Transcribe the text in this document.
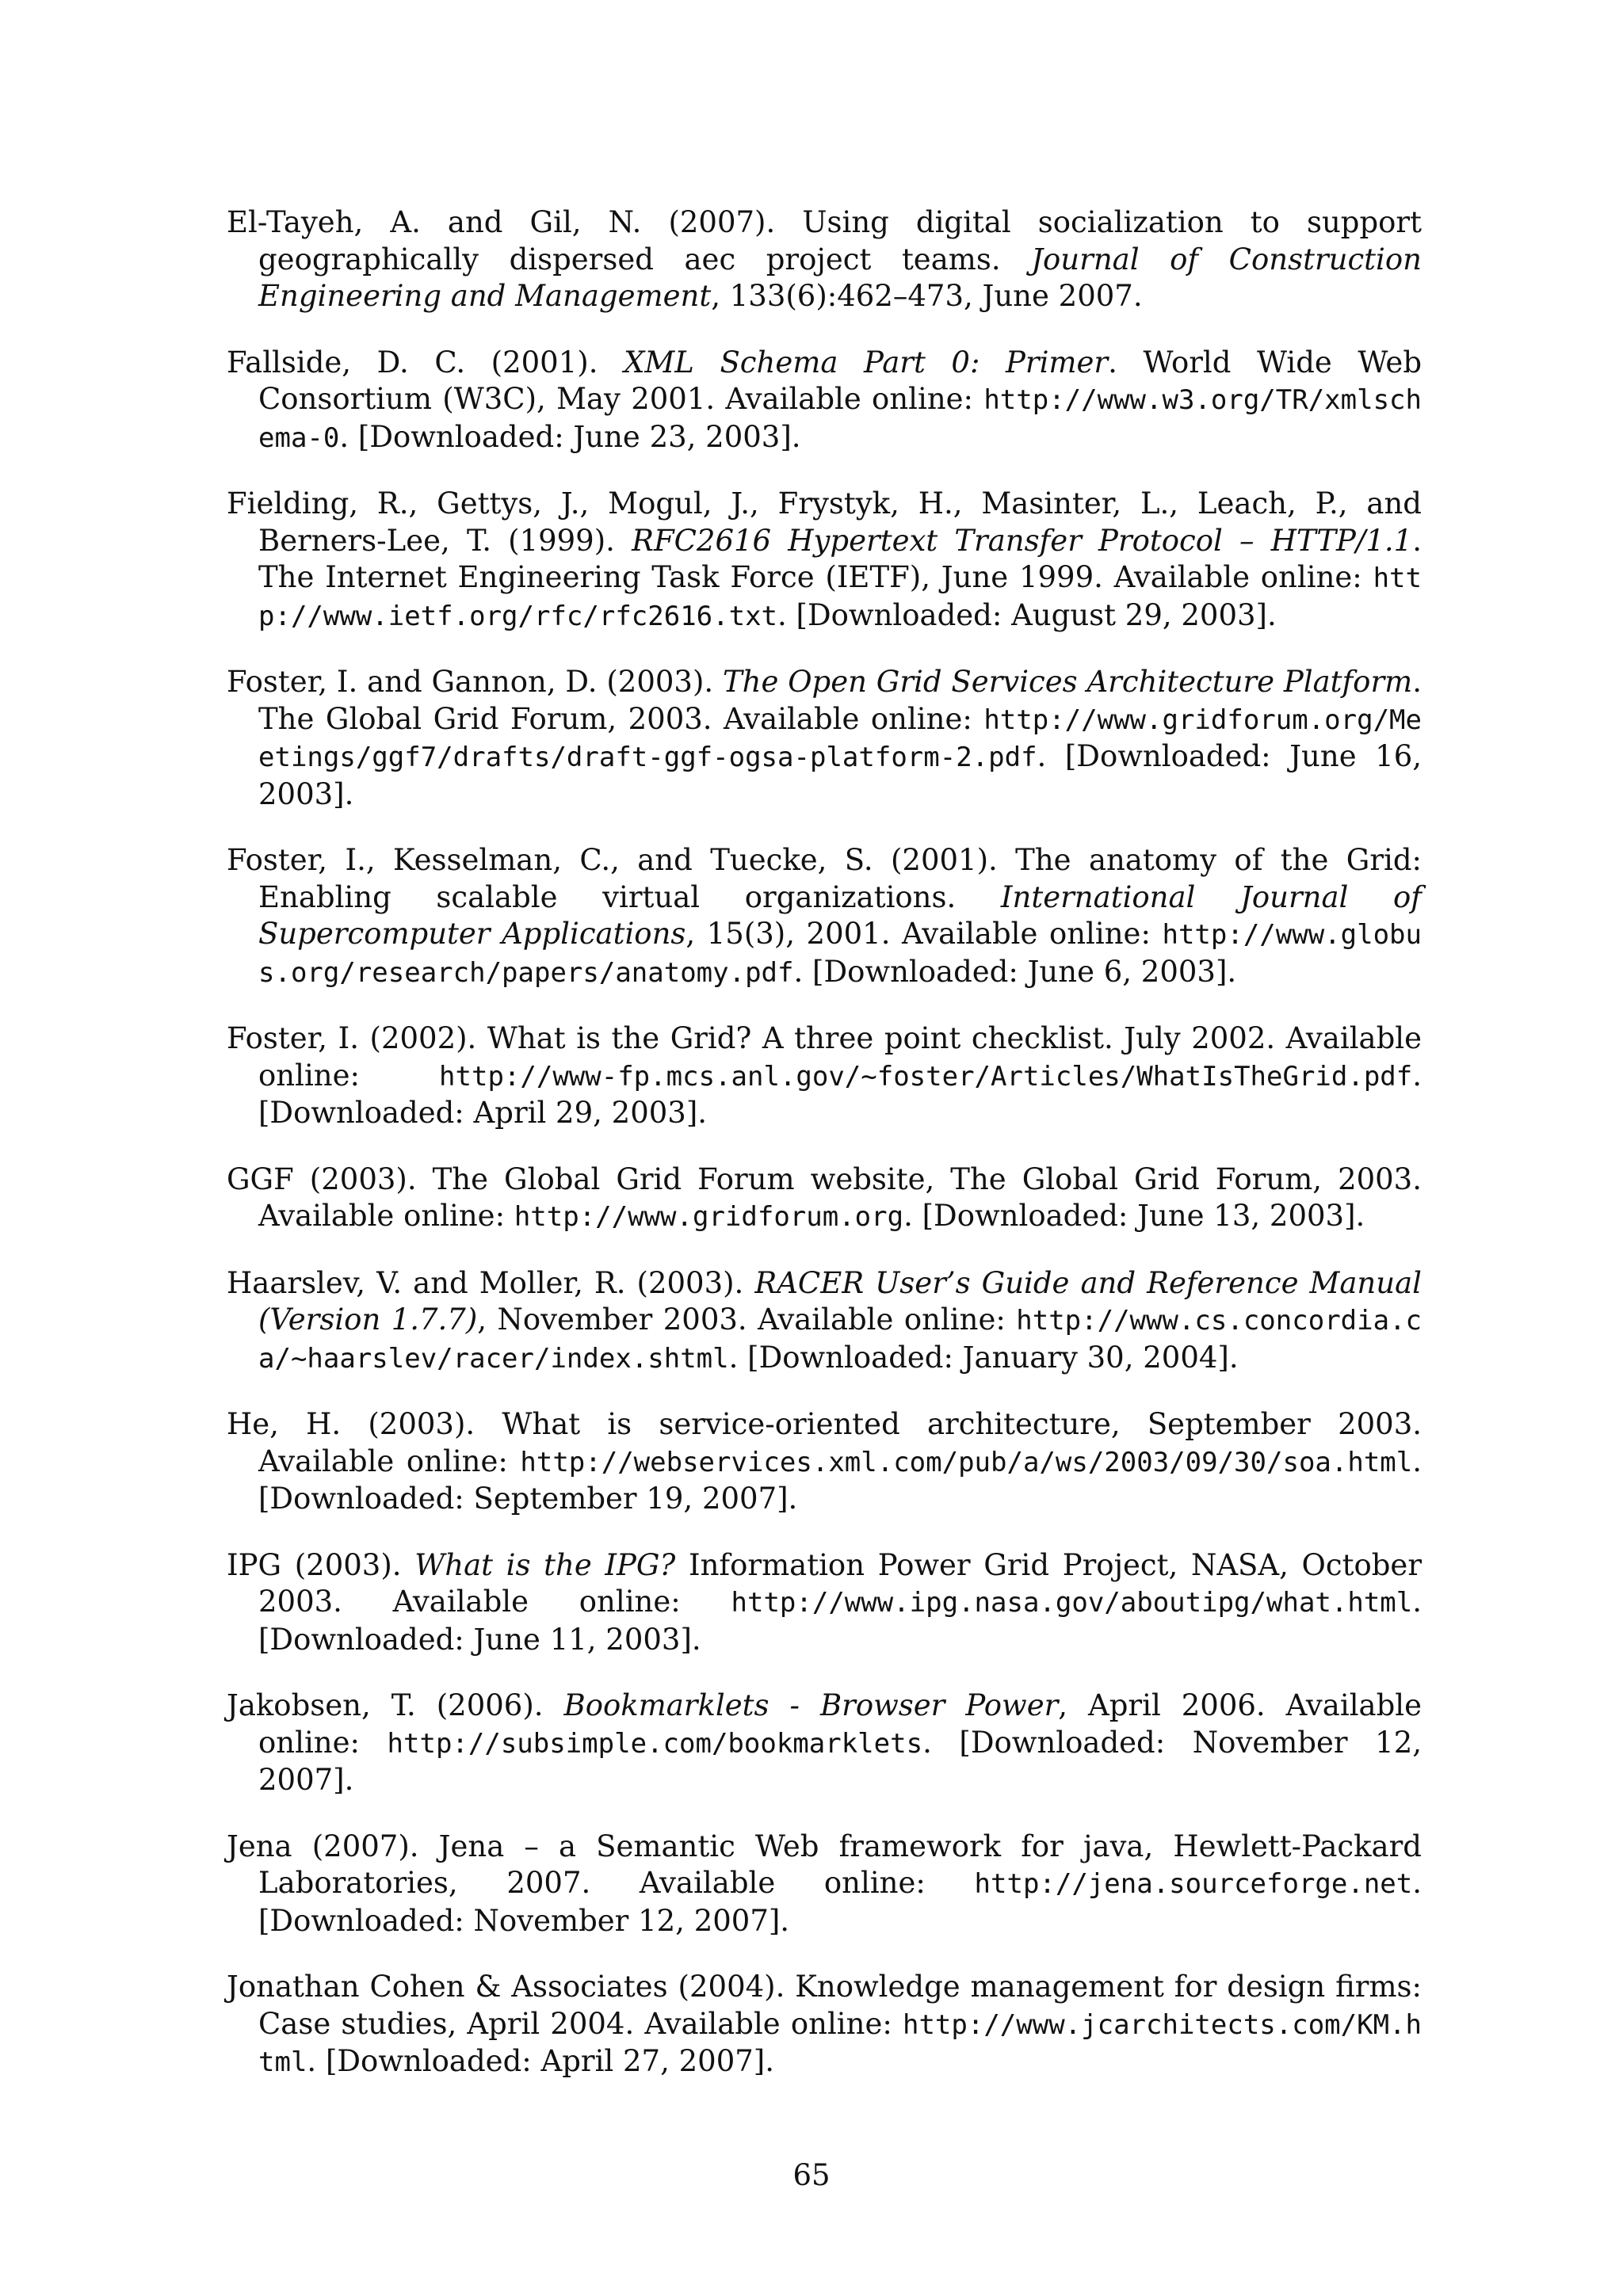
El-Tayeh, A. and Gil, N. (2007). Using digital socialization to support geographically dispersed aec project teams. Journal of Construction Engineering and Management, 133(6):462–473, June 2007.

Fallside, D. C. (2001). XML Schema Part 0: Primer. World Wide Web Consortium (W3C), May 2001. Available online: http://www.w3.org/TR/xmlschema-0. [Downloaded: June 23, 2003].

Fielding, R., Gettys, J., Mogul, J., Frystyk, H., Masinter, L., Leach, P., and Berners-Lee, T. (1999). RFC2616 Hypertext Transfer Protocol – HTTP/1.1. The Internet Engineering Task Force (IETF), June 1999. Available online: http://www.ietf.org/rfc/rfc2616.txt. [Downloaded: August 29, 2003].

Foster, I. and Gannon, D. (2003). The Open Grid Services Architecture Platform. The Global Grid Forum, 2003. Available online: http://www.gridforum.org/Meetings/ggf7/drafts/draft-ggf-ogsa-platform-2.pdf. [Downloaded: June 16, 2003].

Foster, I., Kesselman, C., and Tuecke, S. (2001). The anatomy of the Grid: Enabling scalable virtual organizations. International Journal of Supercomputer Applications, 15(3), 2001. Available online: http://www.globus.org/research/papers/anatomy.pdf. [Downloaded: June 6, 2003].

Foster, I. (2002). What is the Grid? A three point checklist. July 2002. Available online: http://www-fp.mcs.anl.gov/~foster/Articles/WhatIsTheGrid.pdf. [Downloaded: April 29, 2003].

GGF (2003). The Global Grid Forum website, The Global Grid Forum, 2003. Available online: http://www.gridforum.org. [Downloaded: June 13, 2003].

Haarslev, V. and Moller, R. (2003). RACER User’s Guide and Reference Manual (Version 1.7.7), November 2003. Available online: http://www.cs.concordia.ca/~haarslev/racer/index.shtml. [Downloaded: January 30, 2004].

He, H. (2003). What is service-oriented architecture, September 2003. Available online: http://webservices.xml.com/pub/a/ws/2003/09/30/soa.html. [Downloaded: September 19, 2007].

IPG (2003). What is the IPG? Information Power Grid Project, NASA, October 2003. Available online: http://www.ipg.nasa.gov/aboutipg/what.html. [Downloaded: June 11, 2003].

Jakobsen, T. (2006). Bookmarklets - Browser Power, April 2006. Available online: http://subsimple.com/bookmarklets. [Downloaded: November 12, 2007].

Jena (2007). Jena – a Semantic Web framework for java, Hewlett-Packard Laboratories, 2007. Available online: http://jena.sourceforge.net. [Downloaded: November 12, 2007].

Jonathan Cohen & Associates (2004). Knowledge management for design firms: Case studies, April 2004. Available online: http://www.jcarchitects.com/KM.html. [Downloaded: April 27, 2007].

65
